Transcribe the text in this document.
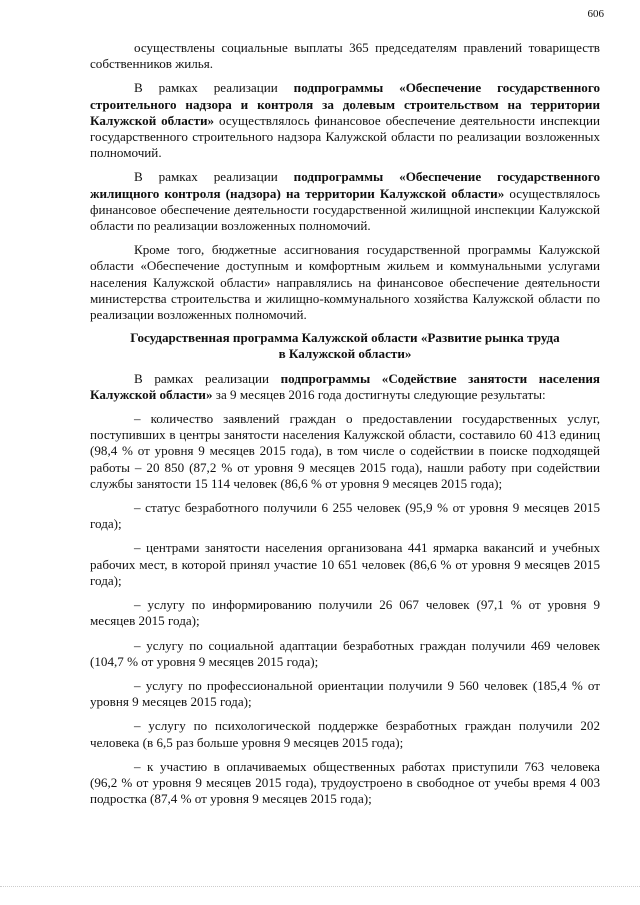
606

осуществлены социальные выплаты 365 председателям правлений товариществ собственников жилья.

В рамках реализации подпрограммы «Обеспечение государственного строительного надзора и контроля за долевым строительством на территории Калужской области» осуществлялось финансовое обеспечение деятельности инспекции государственного строительного надзора Калужской области по реализации возложенных полномочий.

В рамках реализации подпрограммы «Обеспечение государственного жилищного контроля (надзора) на территории Калужской области» осуществлялось финансовое обеспечение деятельности государственной жилищной инспекции Калужской области по реализации возложенных полномочий.

Кроме того, бюджетные ассигнования государственной программы Калужской области «Обеспечение доступным и комфортным жильем и коммунальными услугами населения Калужской области» направлялись на финансовое обеспечение деятельности министерства строительства и жилищно-коммунального хозяйства Калужской области по реализации возложенных полномочий.

Государственная программа Калужской области «Развитие рынка труда
в Калужской области»

В рамках реализации подпрограммы «Содействие занятости населения Калужской области» за 9 месяцев 2016 года достигнуты следующие результаты:

– количество заявлений граждан о предоставлении государственных услуг, поступивших в центры занятости населения Калужской области, составило 60 413 единиц (98,4 % от уровня 9 месяцев 2015 года), в том числе о содействии в поиске подходящей работы – 20 850 (87,2 % от уровня 9 месяцев 2015 года), нашли работу при содействии службы занятости 15 114 человек (86,6 % от уровня 9 месяцев 2015 года);

– статус безработного получили 6 255 человек (95,9 % от уровня 9 месяцев 2015 года);

– центрами занятости населения организована 441 ярмарка вакансий и учебных рабочих мест, в которой принял участие 10 651 человек (86,6 % от уровня 9 месяцев 2015 года);

– услугу по информированию получили 26 067 человек (97,1 % от уровня 9 месяцев 2015 года);

– услугу по социальной адаптации безработных граждан получили 469 человек (104,7 % от уровня 9 месяцев 2015 года);

– услугу по профессиональной ориентации получили 9 560 человек (185,4 % от уровня 9 месяцев 2015 года);

– услугу по психологической поддержке безработных граждан получили 202 человека (в 6,5 раз больше уровня 9 месяцев 2015 года);

– к участию в оплачиваемых общественных работах приступили 763 человека (96,2 % от уровня 9 месяцев 2015 года), трудоустроено в свободное от учебы время 4 003 подростка (87,4 % от уровня 9 месяцев 2015 года);
